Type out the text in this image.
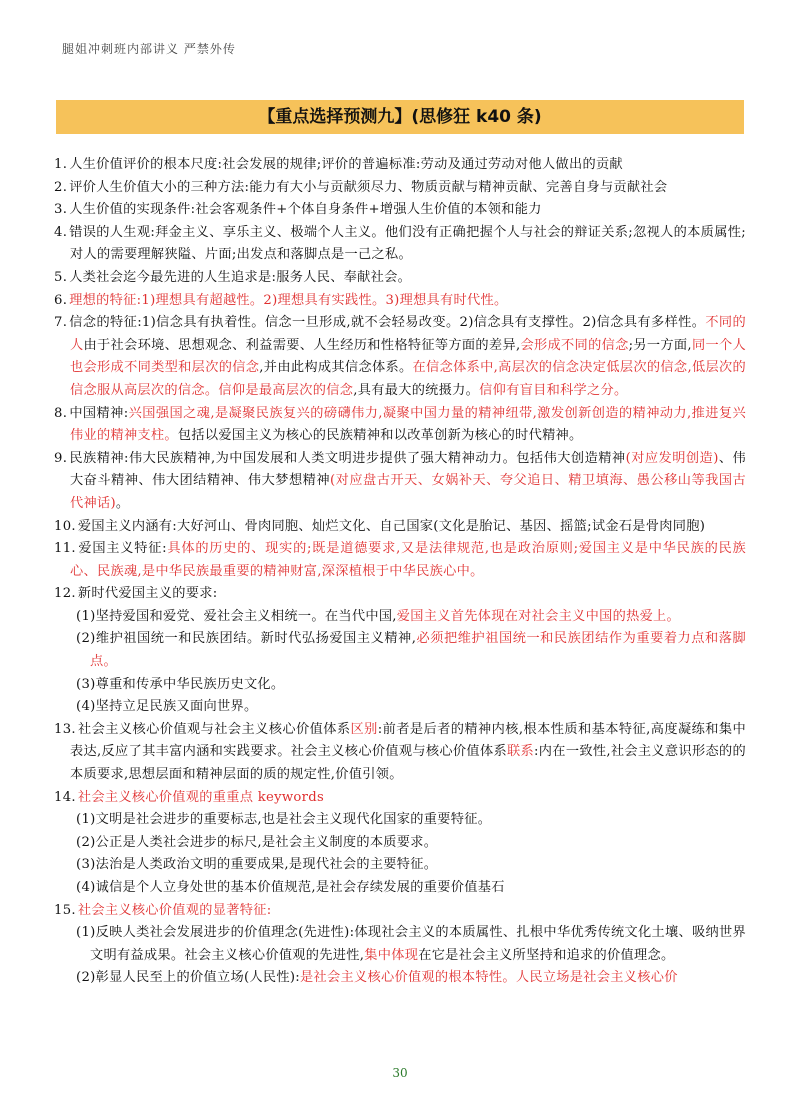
腿姐冲刺班内部讲义 严禁外传
【重点选择预测九】(思修狂 k40 条)
1. 人生价值评价的根本尺度:社会发展的规律;评价的普遍标准:劳动及通过劳动对他人做出的贡献
2. 评价人生价值大小的三种方法:能力有大小与贡献须尽力、物质贡献与精神贡献、完善自身与贡献社会
3. 人生价值的实现条件:社会客观条件+个体自身条件+增强人生价值的本领和能力
4. 错误的人生观:拜金主义、享乐主义、极端个人主义。他们没有正确把握个人与社会的辩证关系;忽视人的本质属性;对人的需要理解狭隘、片面;出发点和落脚点是一己之私。
5. 人类社会迄今最先进的人生追求是:服务人民、奉献社会。
6. 理想的特征:1)理想具有超越性。2)理想具有实践性。3)理想具有时代性。
7. 信念的特征:1)信念具有执着性。信念一旦形成,就不会轻易改变。2)信念具有支撑性。2)信念具有多样性。不同的人由于社会环境、思想观念、利益需要、人生经历和性格特征等方面的差异,会形成不同的信念;另一方面,同一个人也会形成不同类型和层次的信念,并由此构成其信念体系。在信念体系中,高层次的信念决定低层次的信念,低层次的信念服从高层次的信念。信仰是最高层次的信念,具有最大的统摄力。信仰有盲目和科学之分。
8. 中国精神:兴国强国之魂,是凝聚民族复兴的磅礴伟力,凝聚中国力量的精神纽带,激发创新创造的精神动力,推进复兴伟业的精神支柱。包括以爱国主义为核心的民族精神和以改革创新为核心的时代精神。
9. 民族精神:伟大民族精神,为中国发展和人类文明进步提供了强大精神动力。包括伟大创造精神(对应发明创造)、伟大奋斗精神、伟大团结精神、伟大梦想精神(对应盘古开天、女娲补天、夸父追日、精卫填海、愚公移山等我国古代神话)。
10. 爱国主义内涵有:大好河山、骨肉同胞、灿烂文化、自己国家(文化是胎记、基因、摇篮;试金石是骨肉同胞)
11. 爱国主义特征:具体的历史的、现实的;既是道德要求,又是法律规范,也是政治原则;爱国主义是中华民族的民族心、民族魂,是中华民族最重要的精神财富,深深植根于中华民族心中。
12. 新时代爱国主义的要求:
(1)坚持爱国和爱党、爱社会主义相统一。在当代中国,爱国主义首先体现在对社会主义中国的热爱上。
(2)维护祖国统一和民族团结。新时代弘扬爱国主义精神,必须把维护祖国统一和民族团结作为重要着力点和落脚点。
(3)尊重和传承中华民族历史文化。
(4)坚持立足民族又面向世界。
13. 社会主义核心价值观与社会主义核心价值体系区别:前者是后者的精神内核,根本性质和基本特征,高度凝练和集中表达,反应了其丰富内涵和实践要求。社会主义核心价值观与核心价值体系联系:内在一致性,社会主义意识形态的的本质要求,思想层面和精神层面的质的规定性,价值引领。
14. 社会主义核心价值观的重重点 keywords
(1)文明是社会进步的重要标志,也是社会主义现代化国家的重要特征。
(2)公正是人类社会进步的标尺,是社会主义制度的本质要求。
(3)法治是人类政治文明的重要成果,是现代社会的主要特征。
(4)诚信是个人立身处世的基本价值规范,是社会存续发展的重要价值基石
15. 社会主义核心价值观的显著特征:
(1)反映人类社会发展进步的价值理念(先进性):体现社会主义的本质属性、扎根中华优秀传统文化土壤、吸纳世界文明有益成果。社会主义核心价值观的先进性,集中体现在它是社会主义所坚持和追求的价值理念。
(2)彰显人民至上的价值立场(人民性):是社会主义核心价值观的根本特性。人民立场是社会主义核心价
30
